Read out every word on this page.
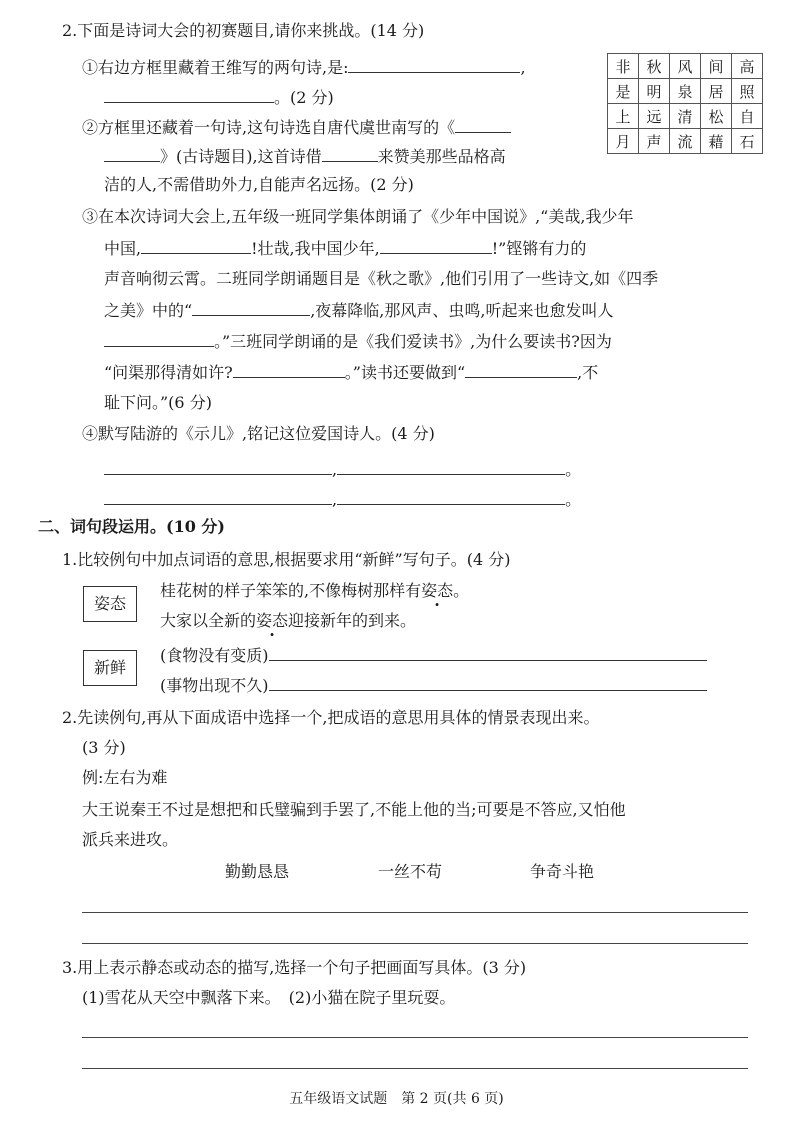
2.下面是诗词大会的初赛题目,请你来挑战。(14 分)
①右边方框里藏着王维写的两句诗,是:	,
。(2 分)
②方框里还藏着一句诗,这句诗选自唐代虞世南写的《
》(古诗题目),这首诗借	来赞美那些品格高
洁的人,不需借助外力,自能声名远扬。(2 分)
非	秋	风	间	高
是	明	泉	居	照
上	远	清	松	自
月	声	流	藉	石
③在本次诗词大会上,五年级一班同学集体朗诵了《少年中国说》,“美哉,我少年
中国,	!壮哉,我中国少年,	!”铿锵有力的
声音响彻云霄。二班同学朗诵题目是《秋之歌》,他们引用了一些诗文,如《四季
之美》中的“	,夜幕降临,那风声、虫鸣,听起来也愈发叫人
。”三班同学朗诵的是《我们爱读书》,为什么要读书?因为
“问渠那得清如许?	。”读书还要做到“	,不
耻下问。”(6 分)
④默写陆游的《示儿》,铭记这位爱国诗人。(4 分)
,	。
,	。
二、词句段运用。(10 分)
1.比较例句中加点词语的意思,根据要求用“新鲜”写句子。(4 分)
姿态
桂花树的样子笨笨的,不像梅树那样有姿态。
大家以全新的姿态迎接新年的到来。
新鲜
(食物没有变质)
(事物出现不久)
2.先读例句,再从下面成语中选择一个,把成语的意思用具体的情景表现出来。
(3 分)
例:左右为难
大王说秦王不过是想把和氏璧骗到手罢了,不能上他的当;可要是不答应,又怕他
派兵来进攻。
勤勤恳恳	一丝不苟	争奇斗艳
3.用上表示静态或动态的描写,选择一个句子把画面写具体。(3 分)
(1)雪花从天空中飘落下来。　(2)小猫在院子里玩耍。
五年级语文试题　第 2 页(共 6 页)
